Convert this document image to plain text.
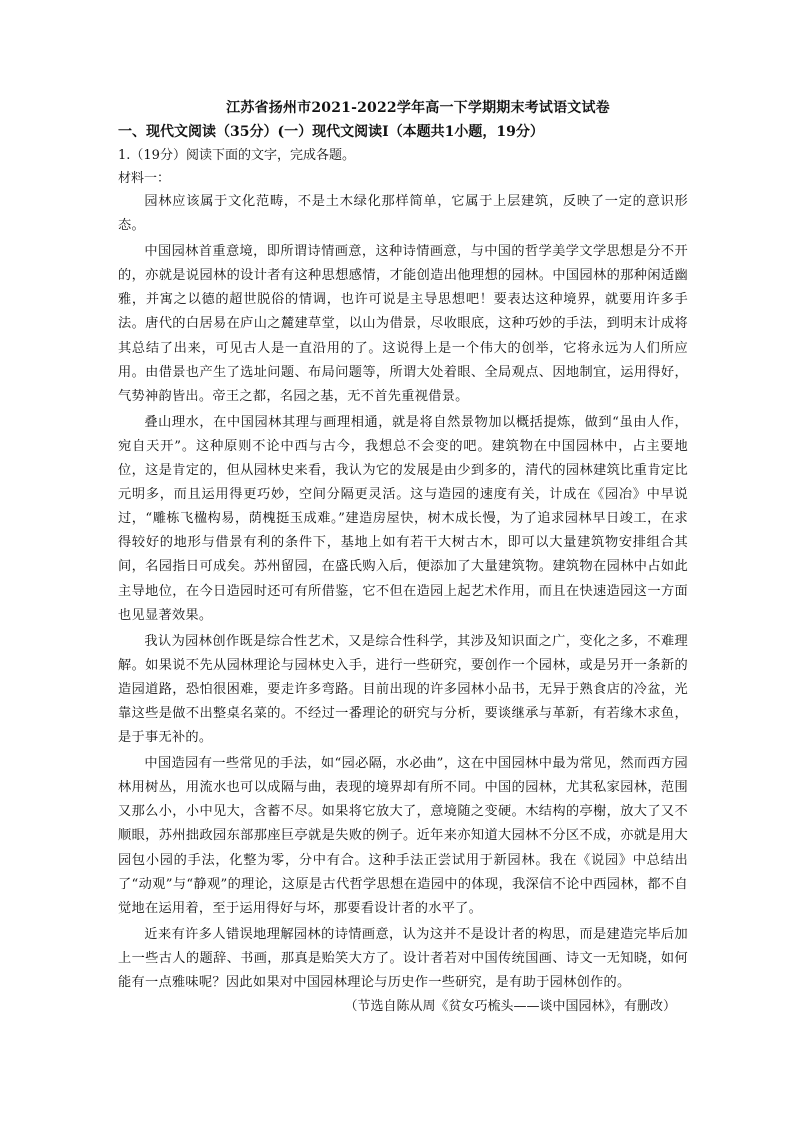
江苏省扬州市2021-2022学年高一下学期期末考试语文试卷

一、现代文阅读（35分）(一）现代文阅读Ⅰ（本题共1小题，19分）

1.（19分）阅读下面的文字，完成各题。

材料一：

园林应该属于文化范畴，不是土木绿化那样简单，它属于上层建筑，反映了一定的意识形态。

中国园林首重意境，即所谓诗情画意，这种诗情画意，与中国的哲学美学文学思想是分不开的，亦就是说园林的设计者有这种思想感情，才能创造出他理想的园林。中国园林的那种闲适幽雅，并寓之以德的超世脱俗的情调，也许可说是主导思想吧！要表达这种境界，就要用许多手法。唐代的白居易在庐山之麓建草堂，以山为借景，尽收眼底，这种巧妙的手法，到明末计成将其总结了出来，可见古人是一直沿用的了。这说得上是一个伟大的创举，它将永远为人们所应用。由借景也产生了选址问题、布局问题等，所谓大处着眼、全局观点、因地制宜，运用得好，气势神韵皆出。帝王之都，名园之基，无不首先重视借景。

叠山理水，在中国园林其理与画理相通，就是将自然景物加以概括提炼，做到“虽由人作，宛自天开”。这种原则不论中西与古今，我想总不会变的吧。建筑物在中国园林中，占主要地位，这是肯定的，但从园林史来看，我认为它的发展是由少到多的，清代的园林建筑比重肯定比元明多，而且运用得更巧妙，空间分隔更灵活。这与造园的速度有关，计成在《园冶》中早说过，“雕栋飞楹构易，荫槐挺玉成难。”建造房屋快，树木成长慢，为了追求园林早日竣工，在求得较好的地形与借景有利的条件下，基地上如有若干大树古木，即可以大量建筑物安排组合其间，名园指日可成矣。苏州留园，在盛氏购入后，便添加了大量建筑物。建筑物在园林中占如此主导地位，在今日造园时还可有所借鉴，它不但在造园上起艺术作用，而且在快速造园这一方面也见显著效果。

我认为园林创作既是综合性艺术，又是综合性科学，其涉及知识面之广，变化之多，不难理解。如果说不先从园林理论与园林史入手，进行一些研究，要创作一个园林，或是另开一条新的造园道路，恐怕很困难，要走许多弯路。目前出现的许多园林小品书，无异于熟食店的冷盆，光靠这些是做不出整桌名菜的。不经过一番理论的研究与分析，要谈继承与革新，有若缘木求鱼，是于事无补的。

中国造园有一些常见的手法，如“园必隔，水必曲”，这在中国园林中最为常见，然而西方园林用树丛，用流水也可以成隔与曲，表现的境界却有所不同。中国的园林，尤其私家园林，范围又那么小，小中见大，含蓄不尽。如果将它放大了，意境随之变硬。木结构的亭榭，放大了又不顺眼，苏州拙政园东部那座巨亭就是失败的例子。近年来亦知道大园林不分区不成，亦就是用大园包小园的手法，化整为零，分中有合。这种手法正尝试用于新园林。我在《说园》中总结出了“动观”与“静观”的理论，这原是古代哲学思想在造园中的体现，我深信不论中西园林，都不自觉地在运用着，至于运用得好与坏，那要看设计者的水平了。

近来有许多人错误地理解园林的诗情画意，认为这并不是设计者的构思，而是建造完毕后加上一些古人的题辞、书画，那真是贻笑大方了。设计者若对中国传统国画、诗文一无知晓，如何能有一点雅味呢？因此如果对中国园林理论与历史作一些研究，是有助于园林创作的。

（节选自陈从周《贫女巧梳头——谈中国园林》，有删改）
